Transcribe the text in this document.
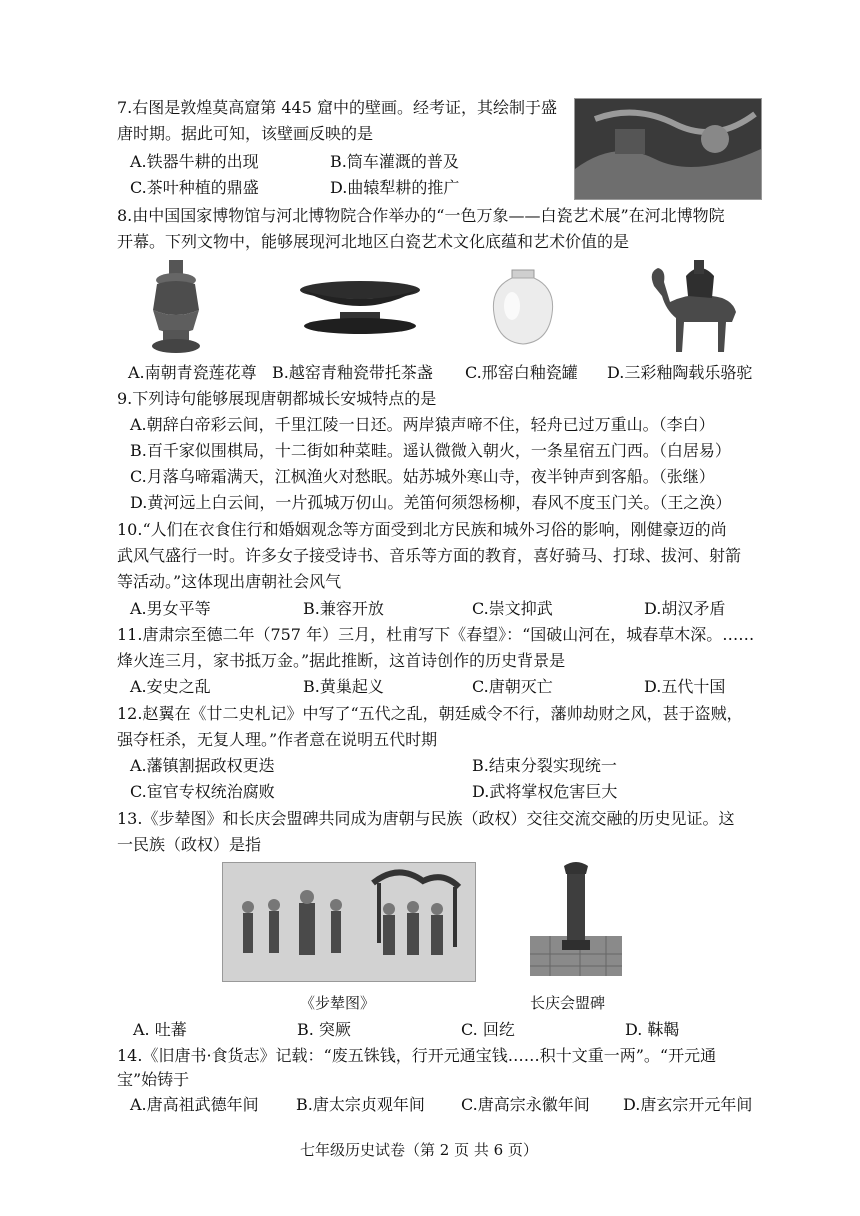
7.右图是敦煌莫高窟第 445 窟中的壁画。经考证，其绘制于盛
唐时期。据此可知，该壁画反映的是
A.铁器牛耕的出现	B.筒车灌溉的普及
C.茶叶种植的鼎盛	D.曲辕犁耕的推广
8.由中国国家博物馆与河北博物院合作举办的“一色万象——白瓷艺术展”在河北博物院
开幕。下列文物中，能够展现河北地区白瓷艺术文化底蕴和艺术价值的是
A.南朝青瓷莲花尊 B.越窑青釉瓷带托茶盏 C.邢窑白釉瓷罐 D.三彩釉陶载乐骆驼
9.下列诗句能够展现唐朝都城长安城特点的是
A.朝辞白帝彩云间，千里江陵一日还。两岸猿声啼不住，轻舟已过万重山。（李白）
B.百千家似围棋局，十二街如种菜畦。遥认微微入朝火，一条星宿五门西。（白居易）
C.月落乌啼霜满天，江枫渔火对愁眠。姑苏城外寒山寺，夜半钟声到客船。（张继）
D.黄河远上白云间，一片孤城万仞山。羌笛何须怨杨柳，春风不度玉门关。（王之涣）
10.“人们在衣食住行和婚姻观念等方面受到北方民族和城外习俗的影响，刚健豪迈的尚
武风气盛行一时。许多女子接受诗书、音乐等方面的教育，喜好骑马、打球、拔河、射箭
等活动。”这体现出唐朝社会风气
A.男女平等	B.兼容开放	C.崇文抑武	D.胡汉矛盾
11.唐肃宗至德二年（757 年）三月，杜甫写下《春望》：“国破山河在，城春草木深。……
烽火连三月，家书抵万金。”据此推断，这首诗创作的历史背景是
A.安史之乱	B.黄巢起义	C.唐朝灭亡	D.五代十国
12.赵翼在《廿二史札记》中写了“五代之乱，朝廷威令不行，藩帅劫财之风，甚于盗贼，
强夺枉杀，无复人理。”作者意在说明五代时期
A.藩镇割据政权更迭	B.结束分裂实现统一
C.宦官专权统治腐败	D.武将掌权危害巨大
13.《步辇图》和长庆会盟碑共同成为唐朝与民族（政权）交往交流交融的历史见证。这
一民族（政权）是指
《步辇图》	长庆会盟碑
A. 吐蕃	B. 突厥	C. 回纥	D. 靺鞨
14.《旧唐书·食货志》记载：“废五铢钱，行开元通宝钱……积十文重一两”。“开元通
宝”始铸于
A.唐高祖武德年间 B.唐太宗贞观年间 C.唐高宗永徽年间 D.唐玄宗开元年间
七年级历史试卷（第 2 页 共 6 页）
